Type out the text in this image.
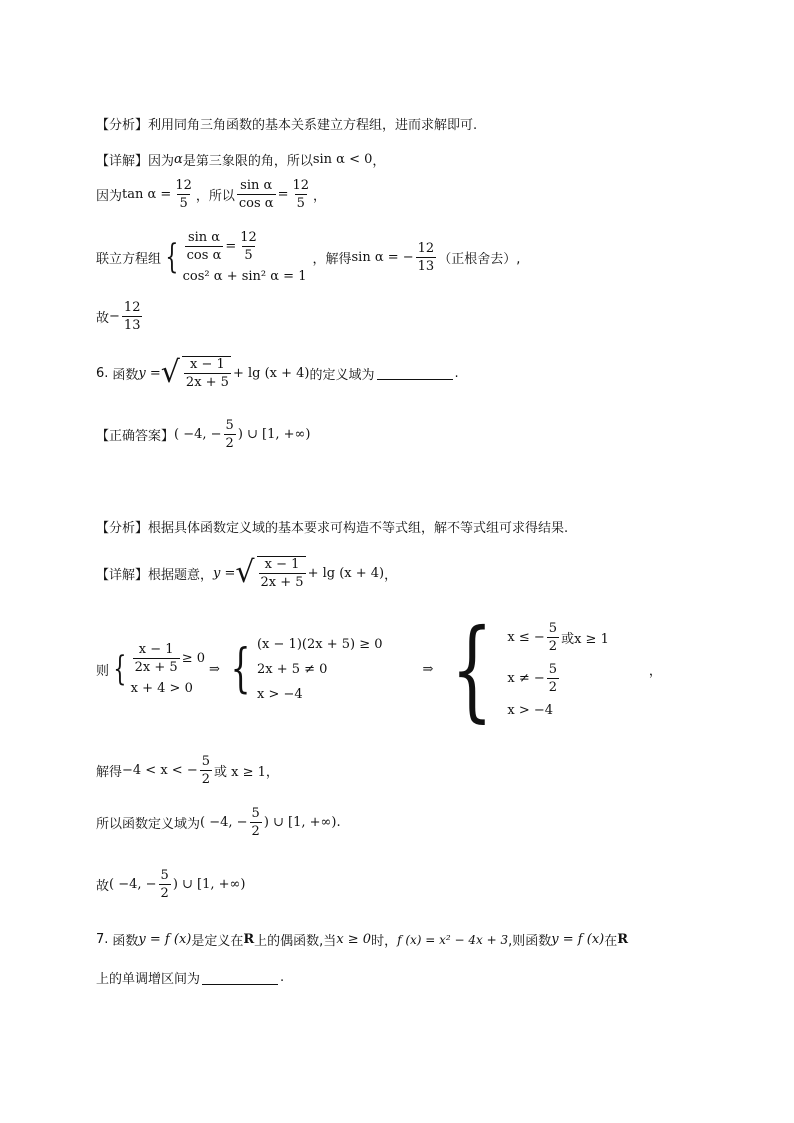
【分析】 利用同角三角函数的基本关系建立方程组，进而求解即可.
【详解】 因为 α 是第三象限的角，所以 sin α < 0 ，
因为 $\tan \alpha = \frac{12}{5}$ ，所以 $\frac{\text{sin α}}{\text{cos α}} = \frac{12}{5}$ ，
联立方程组 { $\frac{\text{sin α}}{\text{cos α}} = \frac{12}{5}$
cos² α + sin² α = 1
，解得 sin α = − $\frac{12}{13}$ （正根舍去）,
故 − $\frac{12}{13}$
6. 函数 y = √ $\frac{x - 1}{2x + 5} + \lg (x + 4)$ 的定义域为	.
【正确答案】 ( −4, − $\frac{5}{2}$ ) ∪ [1, +∞)
【分析】 根据具体函数定义域的基本要求可构造不等式组，解不等式组可求得结果.
【详解】 根据题意， y = √ $\frac{x - 1}{2x + 5} + \lg (x + 4)$ ，
则 { $\frac{x - 1}{2x + 5} \ge 0$
x + 4 > 0
⇒ { (x − 1)(2x + 5) ≥ 0
2x + 5 ≠ 0
x > −4
⇒ { x ≤ − $\frac{5}{2}$ 或x ≥ 1
x ≠ − $\frac{5}{2}$
x > −4
，
解得 −4 < x < − $\frac{5}{2}$ 或 x ≥ 1 ，
所以函数定义域为 ( −4, − $\frac{5}{2}$ ) ∪ [1, +∞).
故 ( −4, − $\frac{5}{2}$ ) ∪ [1, +∞)
7. 函数 y = f (x) 是定义在 R 上的偶函数,当 x ≥ 0 时， f (x) = x² − 4x + 3 ,则函数 y = f (x) 在 R
上的单调增区间为	.
